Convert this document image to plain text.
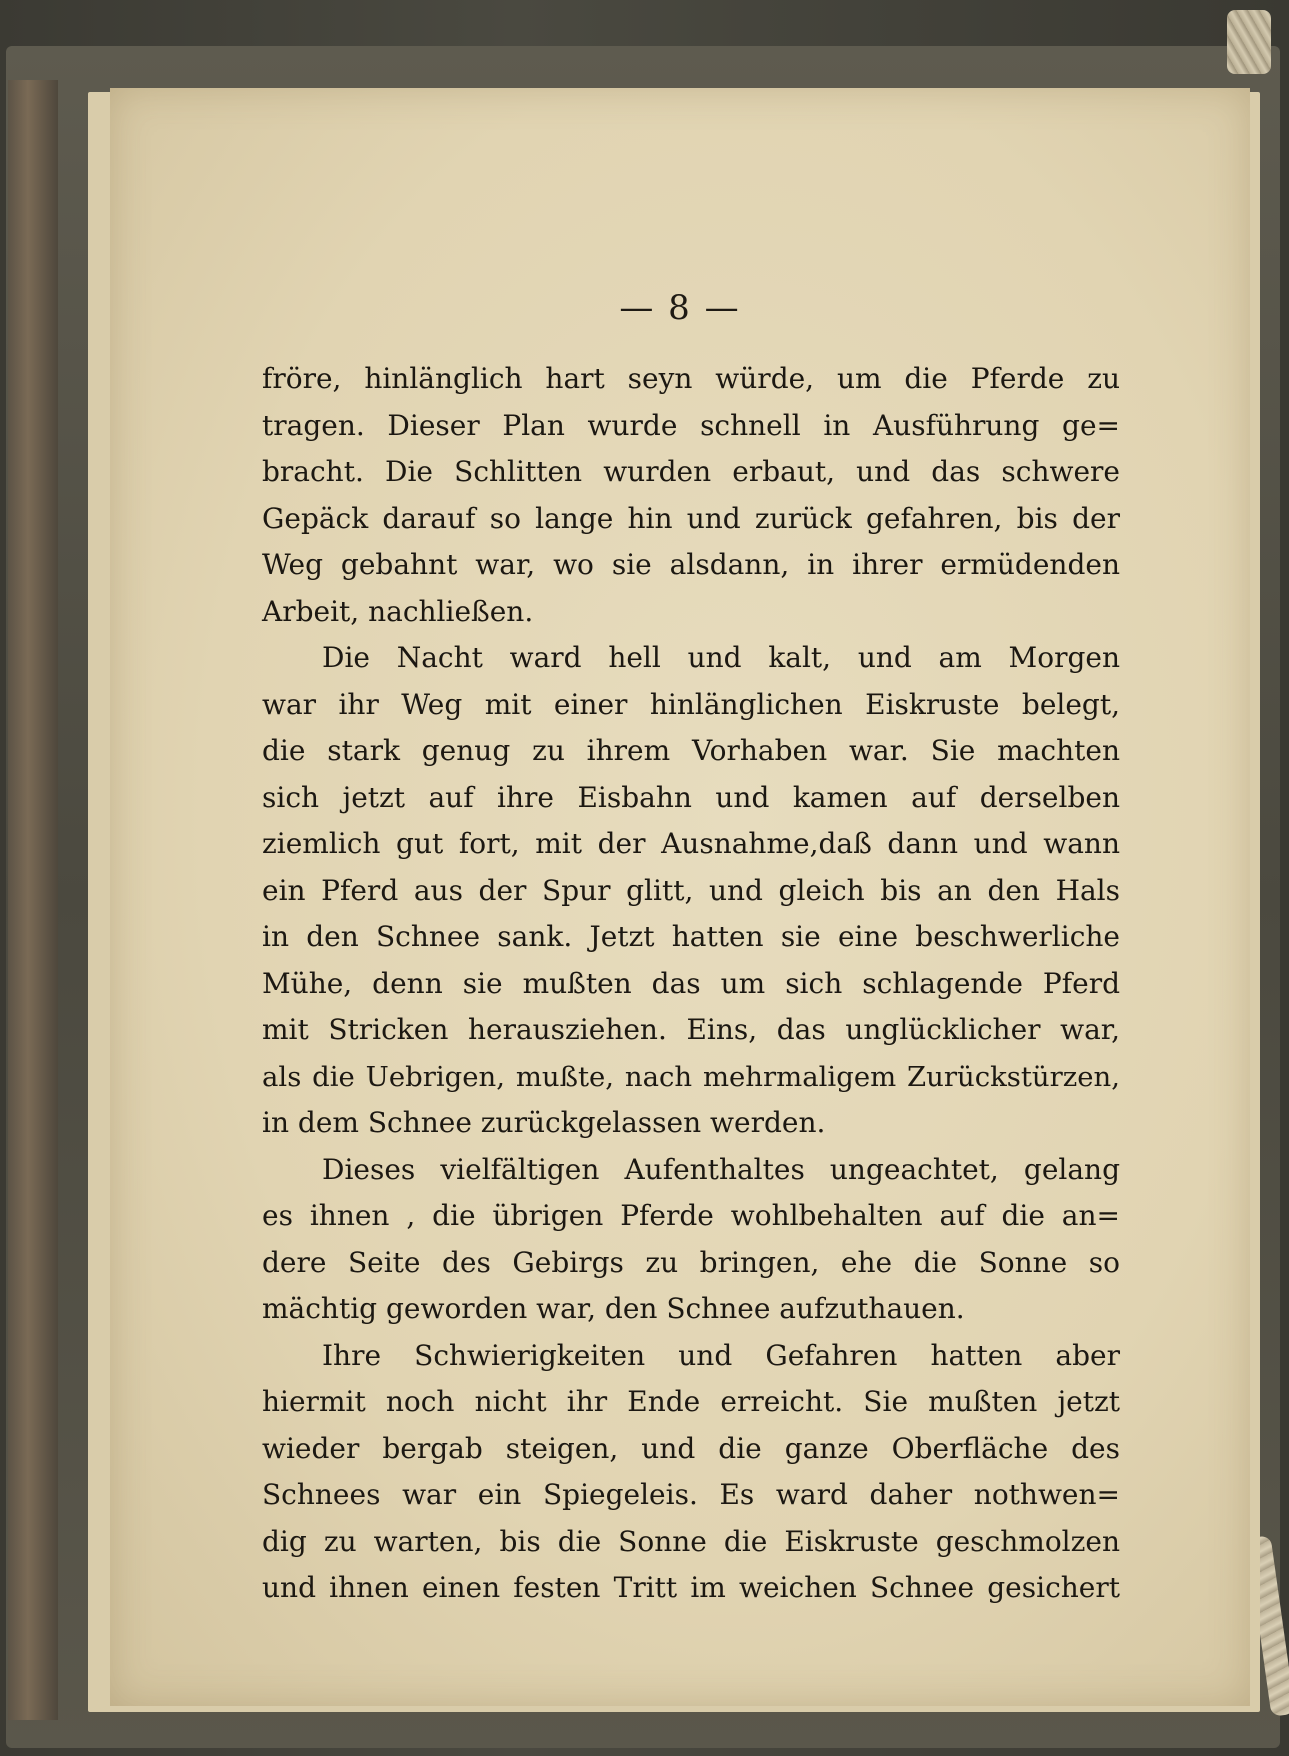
— 8 —
fröre, hinlänglich hart seyn würde, um die Pferde zu
tragen. Dieser Plan wurde schnell in Ausführung ge=
bracht. Die Schlitten wurden erbaut, und das schwere
Gepäck darauf so lange hin und zurück gefahren, bis der
Weg gebahnt war, wo sie alsdann, in ihrer ermüdenden
Arbeit, nachließen.
Die Nacht ward hell und kalt, und am Morgen
war ihr Weg mit einer hinlänglichen Eiskruste belegt,
die stark genug zu ihrem Vorhaben war. Sie machten
sich jetzt auf ihre Eisbahn und kamen auf derselben
ziemlich gut fort, mit der Ausnahme,daß dann und wann
ein Pferd aus der Spur glitt, und gleich bis an den Hals
in den Schnee sank. Jetzt hatten sie eine beschwerliche
Mühe, denn sie mußten das um sich schlagende Pferd
mit Stricken herausziehen. Eins, das unglücklicher war,
als die Uebrigen, mußte, nach mehrmaligem Zurückstürzen,
in dem Schnee zurückgelassen werden.
Dieses vielfältigen Aufenthaltes ungeachtet, gelang
es ihnen , die übrigen Pferde wohlbehalten auf die an=
dere Seite des Gebirgs zu bringen, ehe die Sonne so
mächtig geworden war, den Schnee aufzuthauen.
Ihre Schwierigkeiten und Gefahren hatten aber
hiermit noch nicht ihr Ende erreicht. Sie mußten jetzt
wieder bergab steigen, und die ganze Oberfläche des
Schnees war ein Spiegeleis. Es ward daher nothwen=
dig zu warten, bis die Sonne die Eiskruste geschmolzen
und ihnen einen festen Tritt im weichen Schnee gesichert
